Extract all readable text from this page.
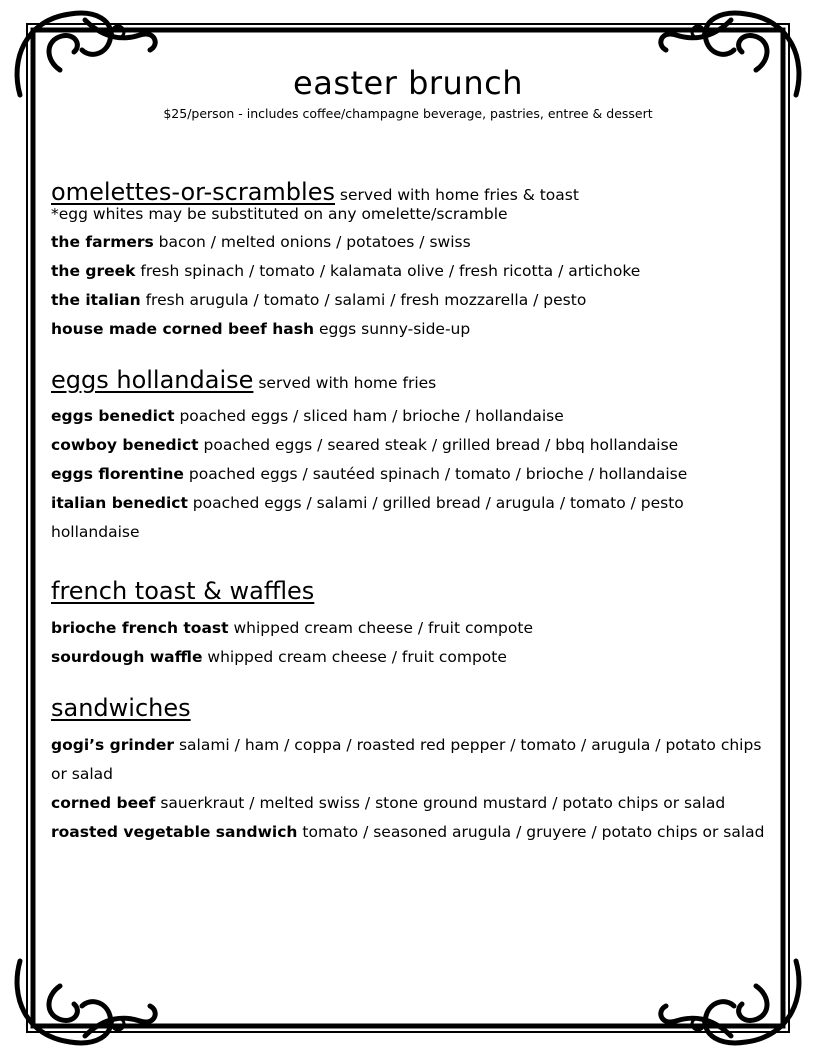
easter brunch
$25/person - includes coffee/champagne beverage, pastries, entree & dessert
omelettes-or-scrambles served with home fries & toast
*egg whites may be substituted on any omelette/scramble
the farmers bacon / melted onions / potatoes / swiss
the greek fresh spinach / tomato / kalamata olive / fresh ricotta / artichoke
the italian fresh arugula / tomato / salami / fresh mozzarella / pesto
house made corned beef hash eggs sunny-side-up
eggs hollandaise served with home fries
eggs benedict poached eggs / sliced ham / brioche / hollandaise
cowboy benedict poached eggs / seared steak / grilled bread / bbq hollandaise
eggs florentine poached eggs / sautéed spinach / tomato / brioche / hollandaise
italian benedict poached eggs / salami / grilled bread / arugula / tomato / pesto hollandaise
french toast & waffles
brioche french toast whipped cream cheese / fruit compote
sourdough waffle whipped cream cheese / fruit compote
sandwiches
gogi’s grinder salami / ham / coppa / roasted red pepper / tomato / arugula / potato chips or salad
corned beef sauerkraut / melted swiss / stone ground mustard / potato chips or salad
roasted vegetable sandwich tomato / seasoned arugula / gruyere / potato chips or salad
